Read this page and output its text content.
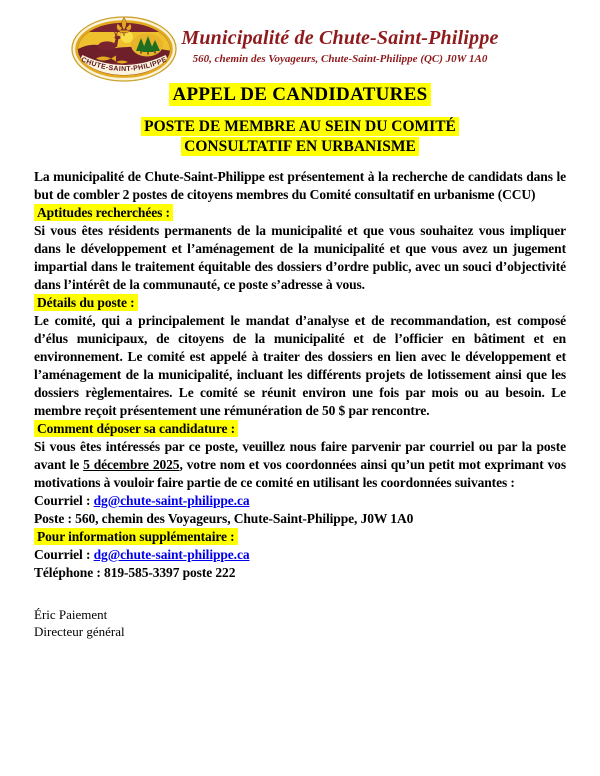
CHUTE-SAINT-PHILIPPE
Municipalité de Chute-Saint-Philippe
560, chemin des Voyageurs, Chute-Saint-Philippe (QC) J0W 1A0
APPEL DE CANDIDATURES
POSTE DE MEMBRE AU SEIN DU COMITÉ
CONSULTATIF EN URBANISME

La municipalité de Chute-Saint-Philippe est présentement à la recherche de candidats dans le but de combler 2 postes de citoyens membres du Comité consultatif en urbanisme (CCU)

Aptitudes recherchées :

Si vous êtes résidents permanents de la municipalité et que vous souhaitez vous impliquer dans le développement et l’aménagement de la municipalité et que vous avez un jugement impartial dans le traitement équitable des dossiers d’ordre public, avec un souci d’objectivité dans l’intérêt de la communauté, ce poste s’adresse à vous.

Détails du poste :

Le comité, qui a principalement le mandat d’analyse et de recommandation, est composé d’élus municipaux, de citoyens de la municipalité et de l’officier en bâtiment et en environnement. Le comité est appelé à traiter des dossiers en lien avec le développement et l’aménagement de la municipalité, incluant les différents projets de lotissement ainsi que les dossiers règlementaires. Le comité se réunit environ une fois par mois ou au besoin. Le membre reçoit présentement une rémunération de 50 $ par rencontre.

Comment déposer sa candidature :

Si vous êtes intéressés par ce poste, veuillez nous faire parvenir par courriel ou par la poste avant le 5 décembre 2025, votre nom et vos coordonnées ainsi qu’un petit mot exprimant vos motivations à vouloir faire partie de ce comité en utilisant les coordonnées suivantes :

Courriel : dg@chute-saint-philippe.ca

Poste : 560, chemin des Voyageurs, Chute-Saint-Philippe, J0W 1A0

Pour information supplémentaire :

Courriel : dg@chute-saint-philippe.ca

Téléphone : 819-585-3397 poste 222

Éric Paiement
Directeur général
